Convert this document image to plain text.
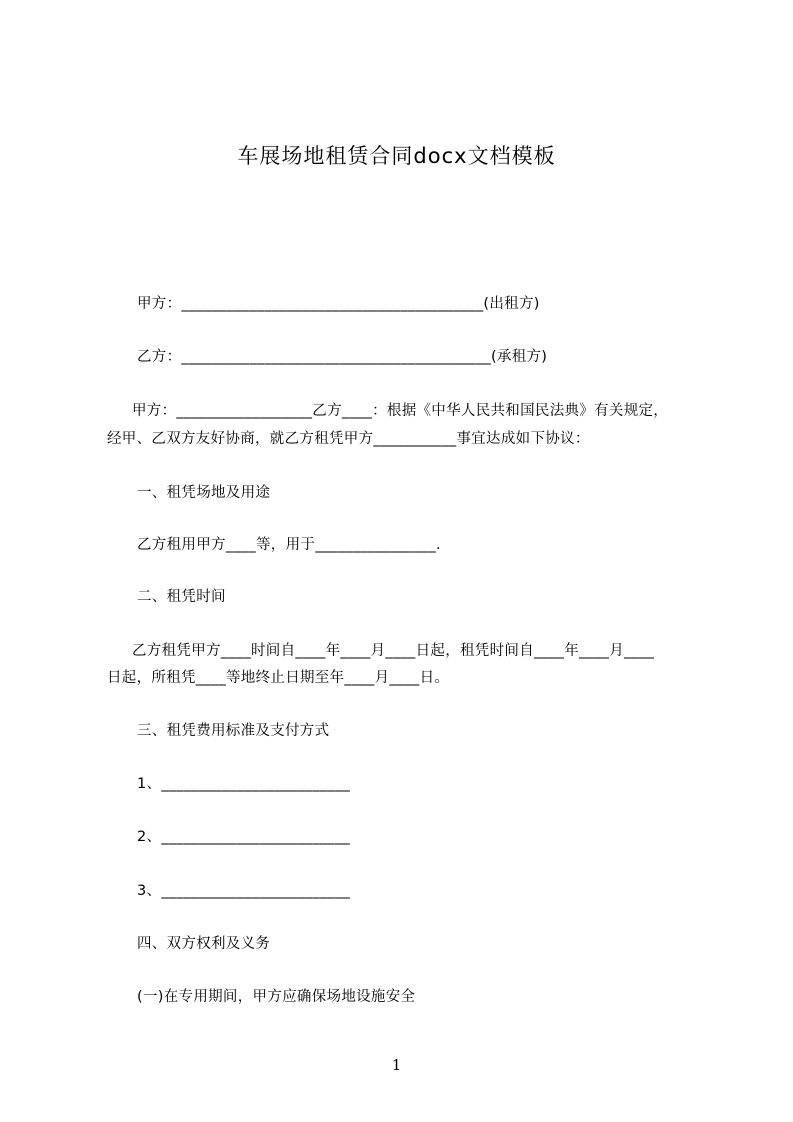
车展场地租赁合同docx文档模板
甲方：________________________________________(出租方)
乙方：_________________________________________(承租方)
甲方：__________________乙方____：根据《中华人民共和国民法典》有关规定，
经甲、乙双方友好协商，就乙方租凭甲方___________事宜达成如下协议：
一、租凭场地及用途
乙方租用甲方____等，用于________________.
二、租凭时间
乙方租凭甲方____时间自____年____月____日起，租凭时间自____年____月____
日起，所租凭____等地终止日期至年____月____日。
三、租凭费用标准及支付方式
1、_________________________
2、_________________________
3、_________________________
四、双方权利及义务
(一)在专用期间，甲方应确保场地设施安全
1
